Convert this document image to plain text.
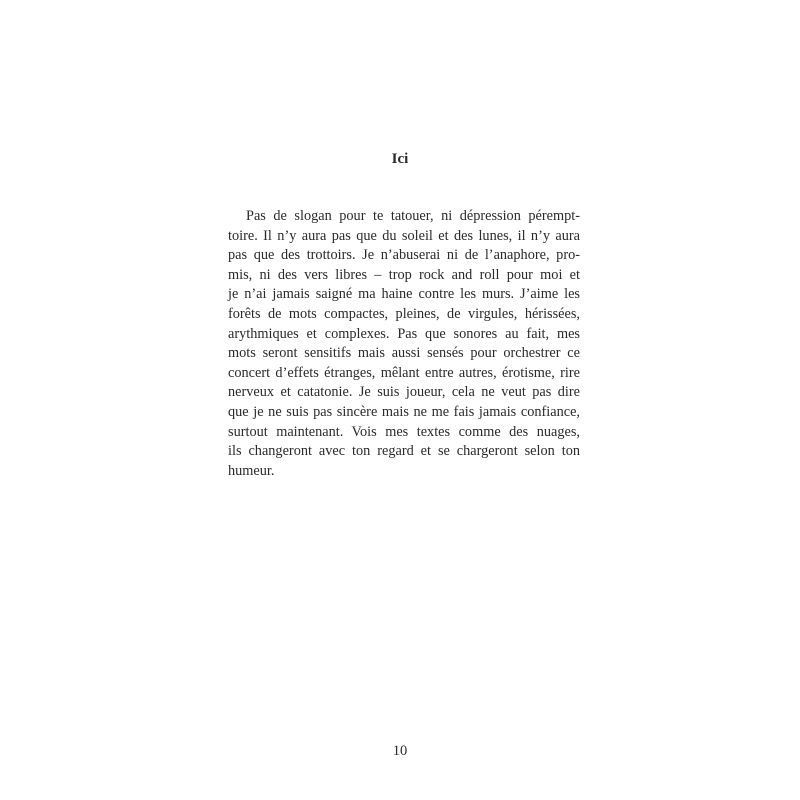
Ici

Pas de slogan pour te tatouer, ni dépression pérempt-
toire. Il n’y aura pas que du soleil et des lunes, il n’y aura
pas que des trottoirs. Je n’abuserai ni de l’anaphore, pro-
mis, ni des vers libres – trop rock and roll pour moi et
je n’ai jamais saigné ma haine contre les murs. J’aime les
forêts de mots compactes, pleines, de virgules, hérissées,
arythmiques et complexes. Pas que sonores au fait, mes
mots seront sensitifs mais aussi sensés pour orchestrer ce
concert d’effets étranges, mêlant entre autres, érotisme, rire
nerveux et catatonie. Je suis joueur, cela ne veut pas dire
que je ne suis pas sincère mais ne me fais jamais confiance,
surtout maintenant. Vois mes textes comme des nuages,
ils changeront avec ton regard et se chargeront selon ton
humeur.

10
